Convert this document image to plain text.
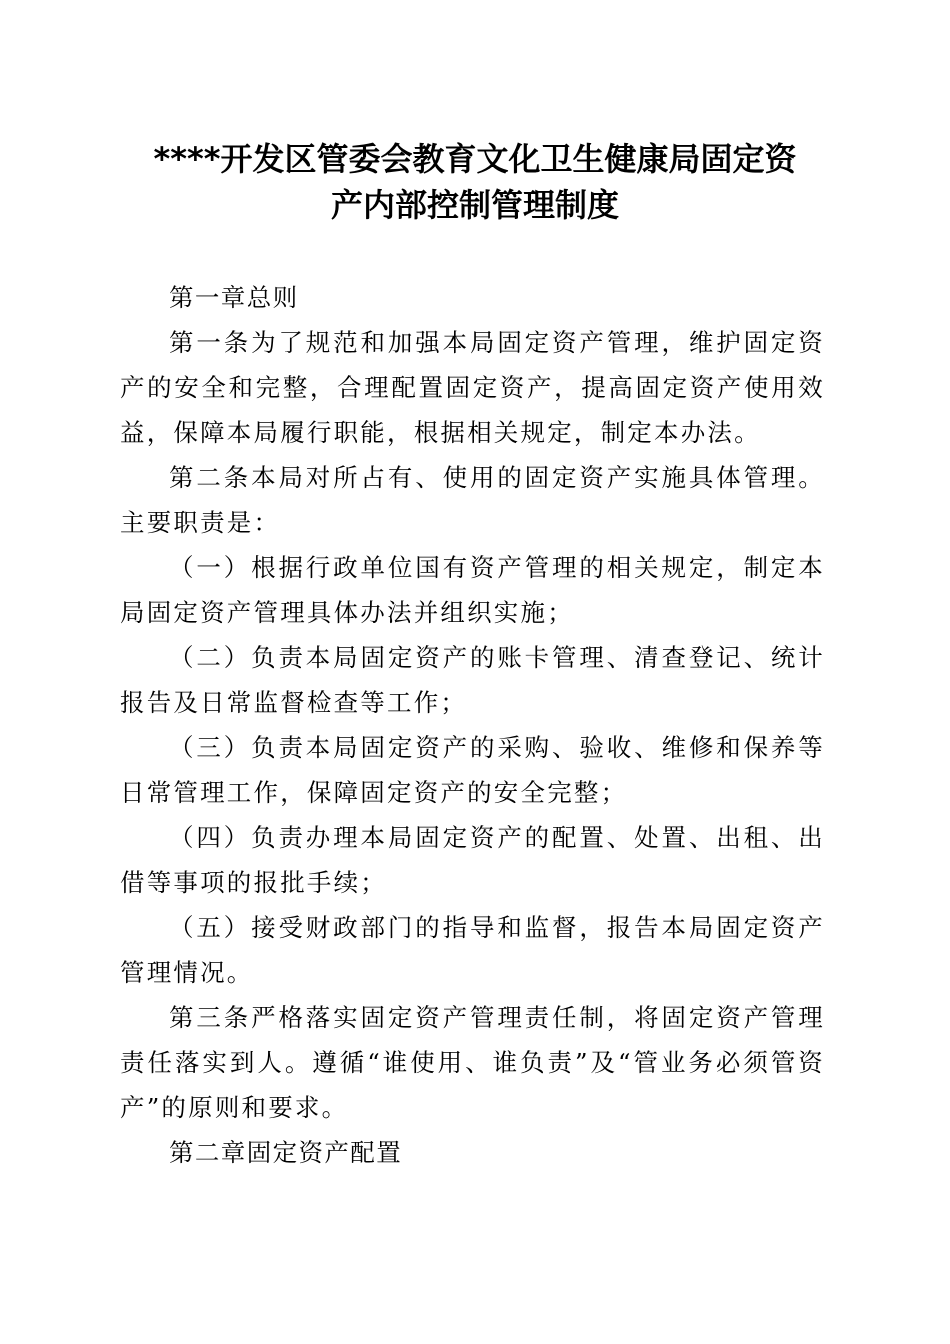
****开发区管委会教育文化卫生健康局固定资
产内部控制管理制度

第一章总则

第一条为了规范和加强本局固定资产管理，维护固定资产的安全和完整，合理配置固定资产，提高固定资产使用效益，保障本局履行职能，根据相关规定，制定本办法。

第二条本局对所占有、使用的固定资产实施具体管理。主要职责是：

（一）根据行政单位国有资产管理的相关规定，制定本局固定资产管理具体办法并组织实施；

（二）负责本局固定资产的账卡管理、清查登记、统计报告及日常监督检查等工作；

（三）负责本局固定资产的采购、验收、维修和保养等日常管理工作，保障固定资产的安全完整；

（四）负责办理本局固定资产的配置、处置、出租、出借等事项的报批手续；

（五）接受财政部门的指导和监督，报告本局固定资产管理情况。

第三条严格落实固定资产管理责任制，将固定资产管理责任落实到人。遵循“谁使用、谁负责”及“管业务必须管资产”的原则和要求。

第二章固定资产配置
